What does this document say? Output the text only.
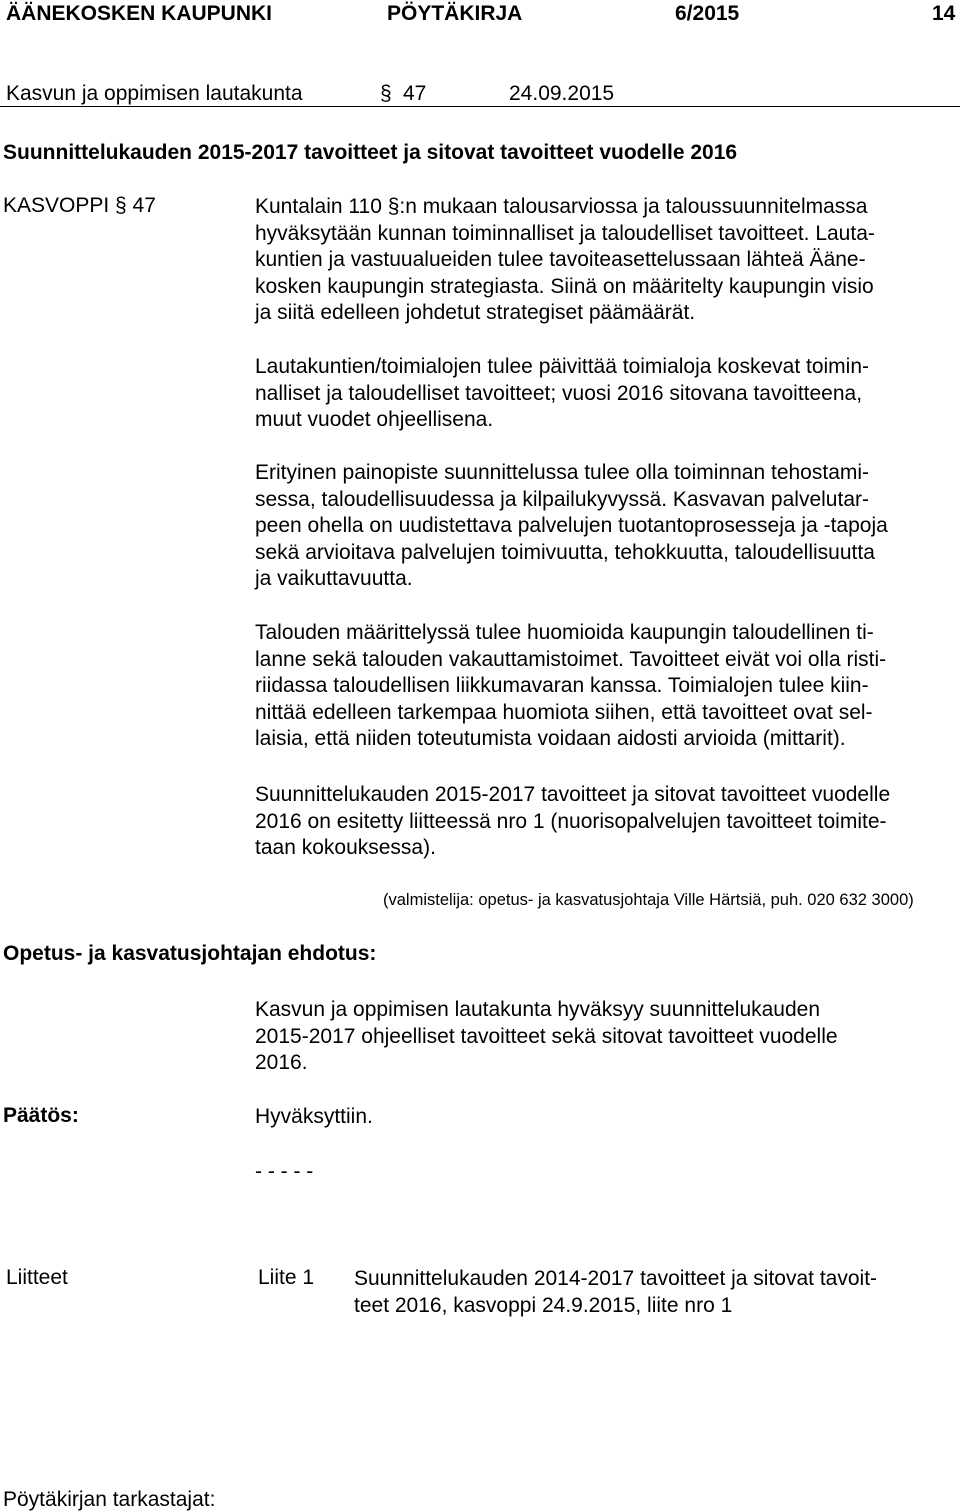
ÄÄNEKOSKEN KAUPUNKI	PÖYTÄKIRJA	6/2015	14
Kasvun ja oppimisen lautakunta	§ 47	24.09.2015
Suunnittelukauden 2015-2017 tavoitteet ja sitovat tavoitteet vuodelle 2016
KASVOPPI § 47	Kuntalain 110 §:n mukaan talousarviossa ja taloussuunnitelmassa
hyväksytään kunnan toiminnalliset ja taloudelliset tavoitteet. Lauta-
kuntien ja vastuualueiden tulee tavoiteasettelussaan lähteä Ääne-
kosken kaupungin strategiasta. Siinä on määritelty kaupungin visio
ja siitä edelleen johdetut strategiset päämäärät.
Lautakuntien/toimialojen tulee päivittää toimialoja koskevat toimin-
nalliset ja taloudelliset tavoitteet; vuosi 2016 sitovana tavoitteena,
muut vuodet ohjeellisena.
Erityinen painopiste suunnittelussa tulee olla toiminnan tehostami-
sessa, taloudellisuudessa ja kilpailukyvyssä. Kasvavan palvelutar-
peen ohella on uudistettava palvelujen tuotantoprosesseja ja -tapoja
sekä arvioitava palvelujen toimivuutta, tehokkuutta, taloudellisuutta
ja vaikuttavuutta.
Talouden määrittelyssä tulee huomioida kaupungin taloudellinen ti-
lanne sekä talouden vakauttamistoimet. Tavoitteet eivät voi olla risti-
riidassa taloudellisen liikkumavaran kanssa. Toimialojen tulee kiin-
nittää edelleen tarkempaa huomiota siihen, että tavoitteet ovat sel-
laisia, että niiden toteutumista voidaan aidosti arvioida (mittarit).
Suunnittelukauden 2015-2017 tavoitteet ja sitovat tavoitteet vuodelle
2016 on esitetty liitteessä nro 1 (nuorisopalvelujen tavoitteet toimite-
taan kokouksessa).
(valmistelija: opetus- ja kasvatusjohtaja Ville Härtsiä, puh. 020 632 3000)
Opetus- ja kasvatusjohtajan ehdotus:
Kasvun ja oppimisen lautakunta hyväksyy suunnittelukauden
2015-2017 ohjeelliset tavoitteet sekä sitovat tavoitteet vuodelle
2016.
Päätös:	Hyväksyttiin.
- - - - -
Liitteet	Liite 1 Suunnittelukauden 2014-2017 tavoitteet ja sitovat tavoit-
teet 2016, kasvoppi 24.9.2015, liite nro 1
Pöytäkirjan tarkastajat:
